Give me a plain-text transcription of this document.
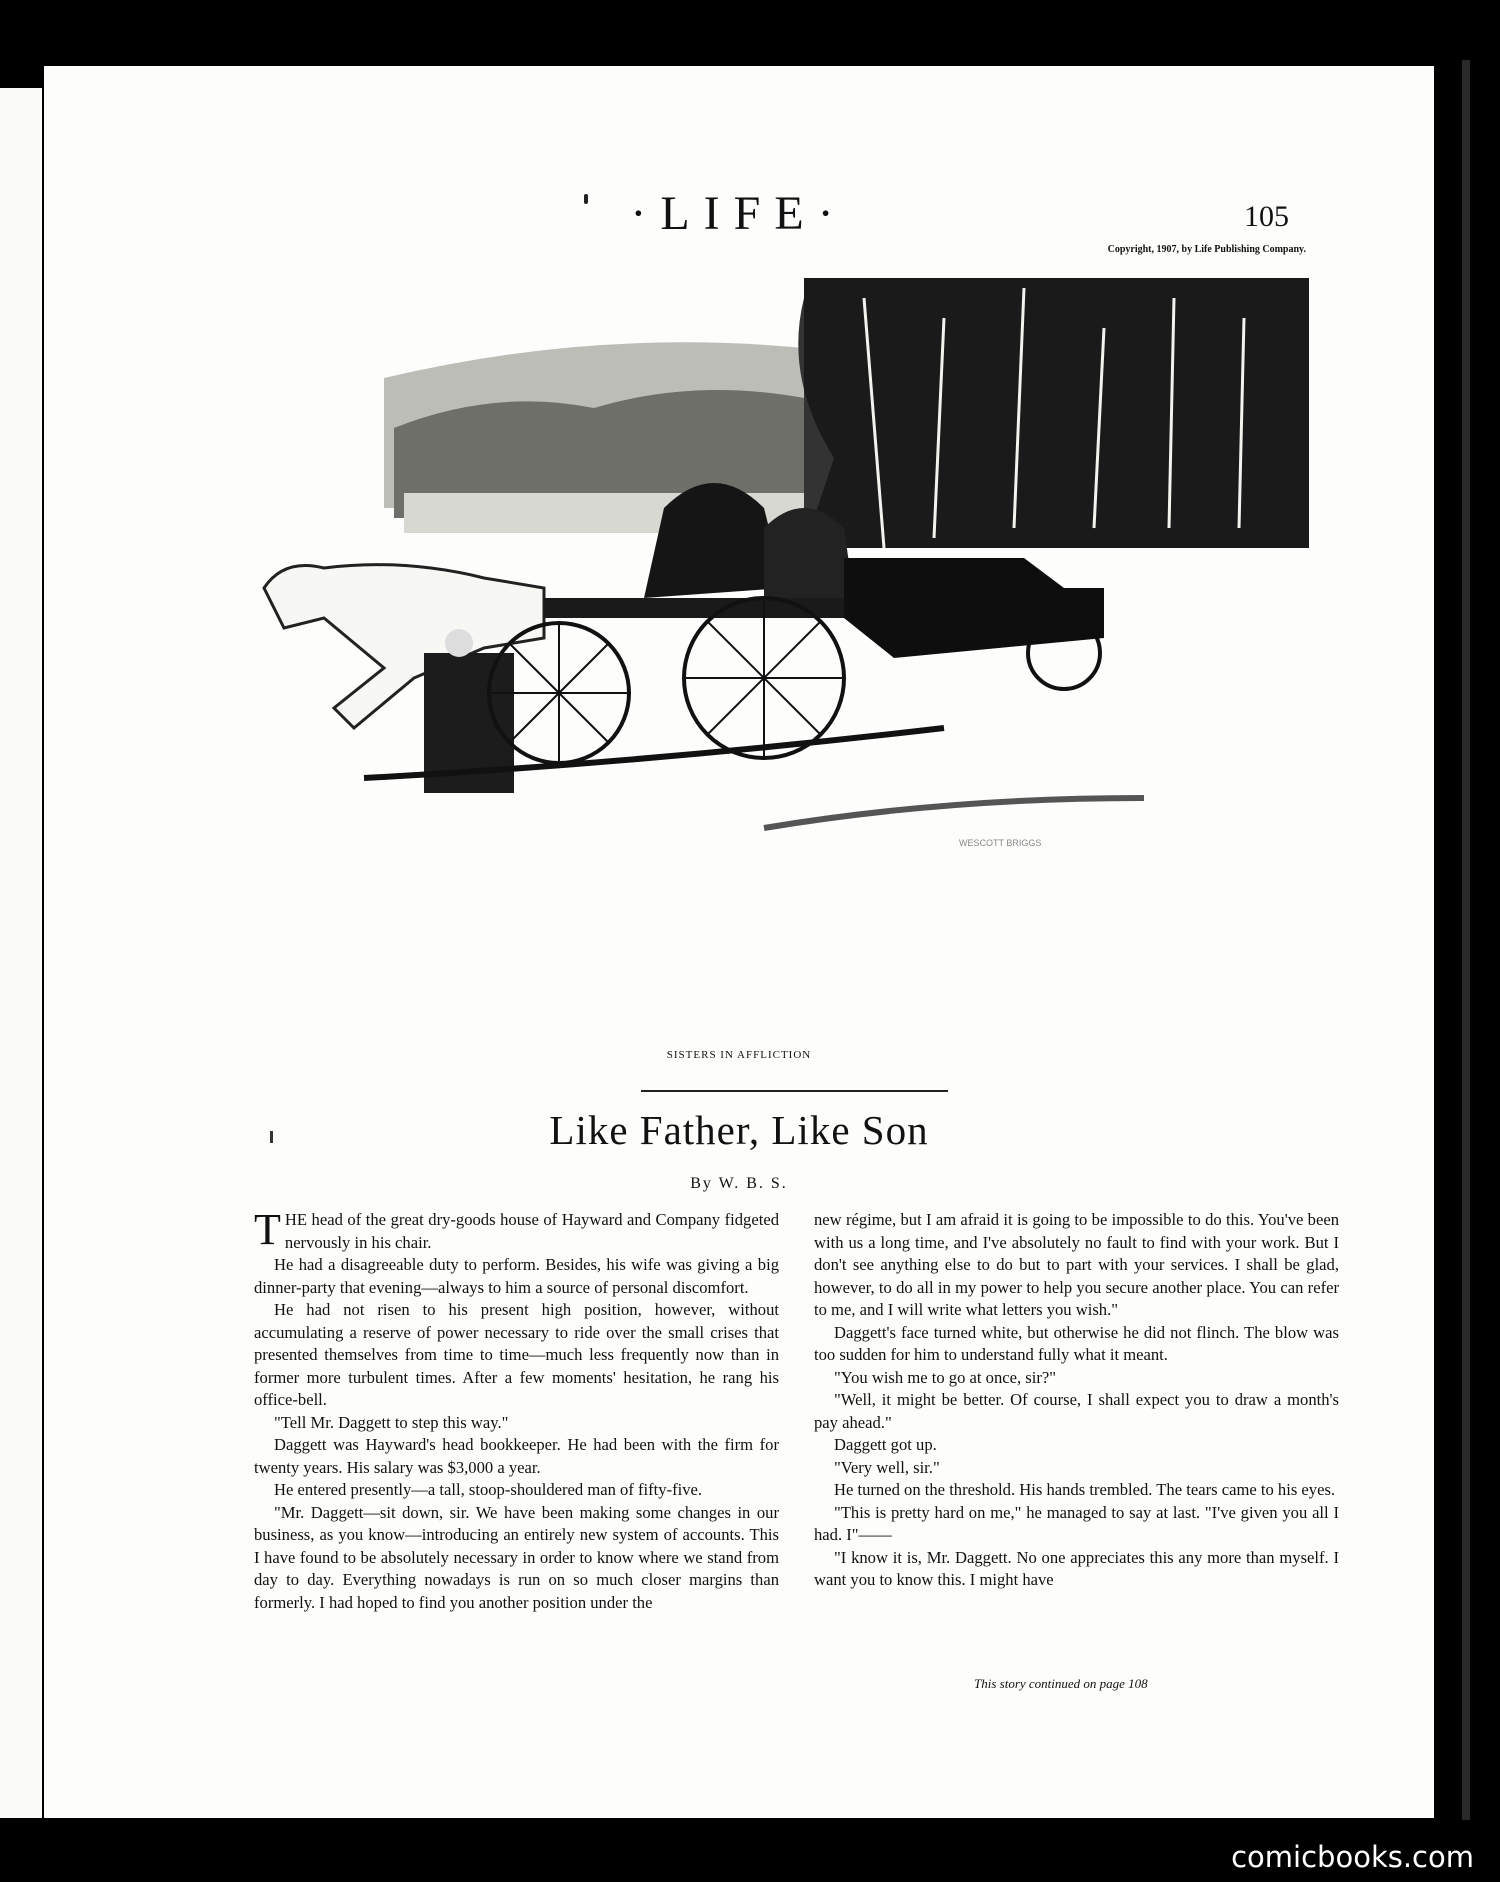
·LIFE·	105
Copyright, 1907, by Life Publishing Company.
WESCOTT BRIGGS
SISTERS IN AFFLICTION
Like Father, Like Son
By W. B. S.

THE head of the great dry-goods house of Hayward and Company fidgeted nervously in his chair.

He had a disagreeable duty to perform. Besides, his wife was giving a big dinner-party that evening—always to him a source of personal discomfort.

He had not risen to his present high position, however, without accumulating a reserve of power necessary to ride over the small crises that presented themselves from time to time—much less frequently now than in former more turbulent times. After a few moments' hesitation, he rang his office-bell.

"Tell Mr. Daggett to step this way."

Daggett was Hayward's head bookkeeper. He had been with the firm for twenty years. His salary was $3,000 a year.

He entered presently—a tall, stoop-shouldered man of fifty-five.

"Mr. Daggett—sit down, sir. We have been making some changes in our business, as you know—introducing an entirely new system of accounts. This I have found to be absolutely necessary in order to know where we stand from day to day. Everything nowadays is run on so much closer margins than formerly. I had hoped to find you another position under the

new régime, but I am afraid it is going to be impossible to do this. You've been with us a long time, and I've absolutely no fault to find with your work. But I don't see anything else to do but to part with your services. I shall be glad, however, to do all in my power to help you secure another place. You can refer to me, and I will write what letters you wish."

Daggett's face turned white, but otherwise he did not flinch. The blow was too sudden for him to understand fully what it meant.

"You wish me to go at once, sir?"

"Well, it might be better. Of course, I shall expect you to draw a month's pay ahead."

Daggett got up.

"Very well, sir."

He turned on the threshold. His hands trembled. The tears came to his eyes.

"This is pretty hard on me," he managed to say at last. "I've given you all I had. I"——

"I know it is, Mr. Daggett. No one appreciates this any more than myself. I want you to know this. I might have

This story continued on page 108
comicbooks.com
